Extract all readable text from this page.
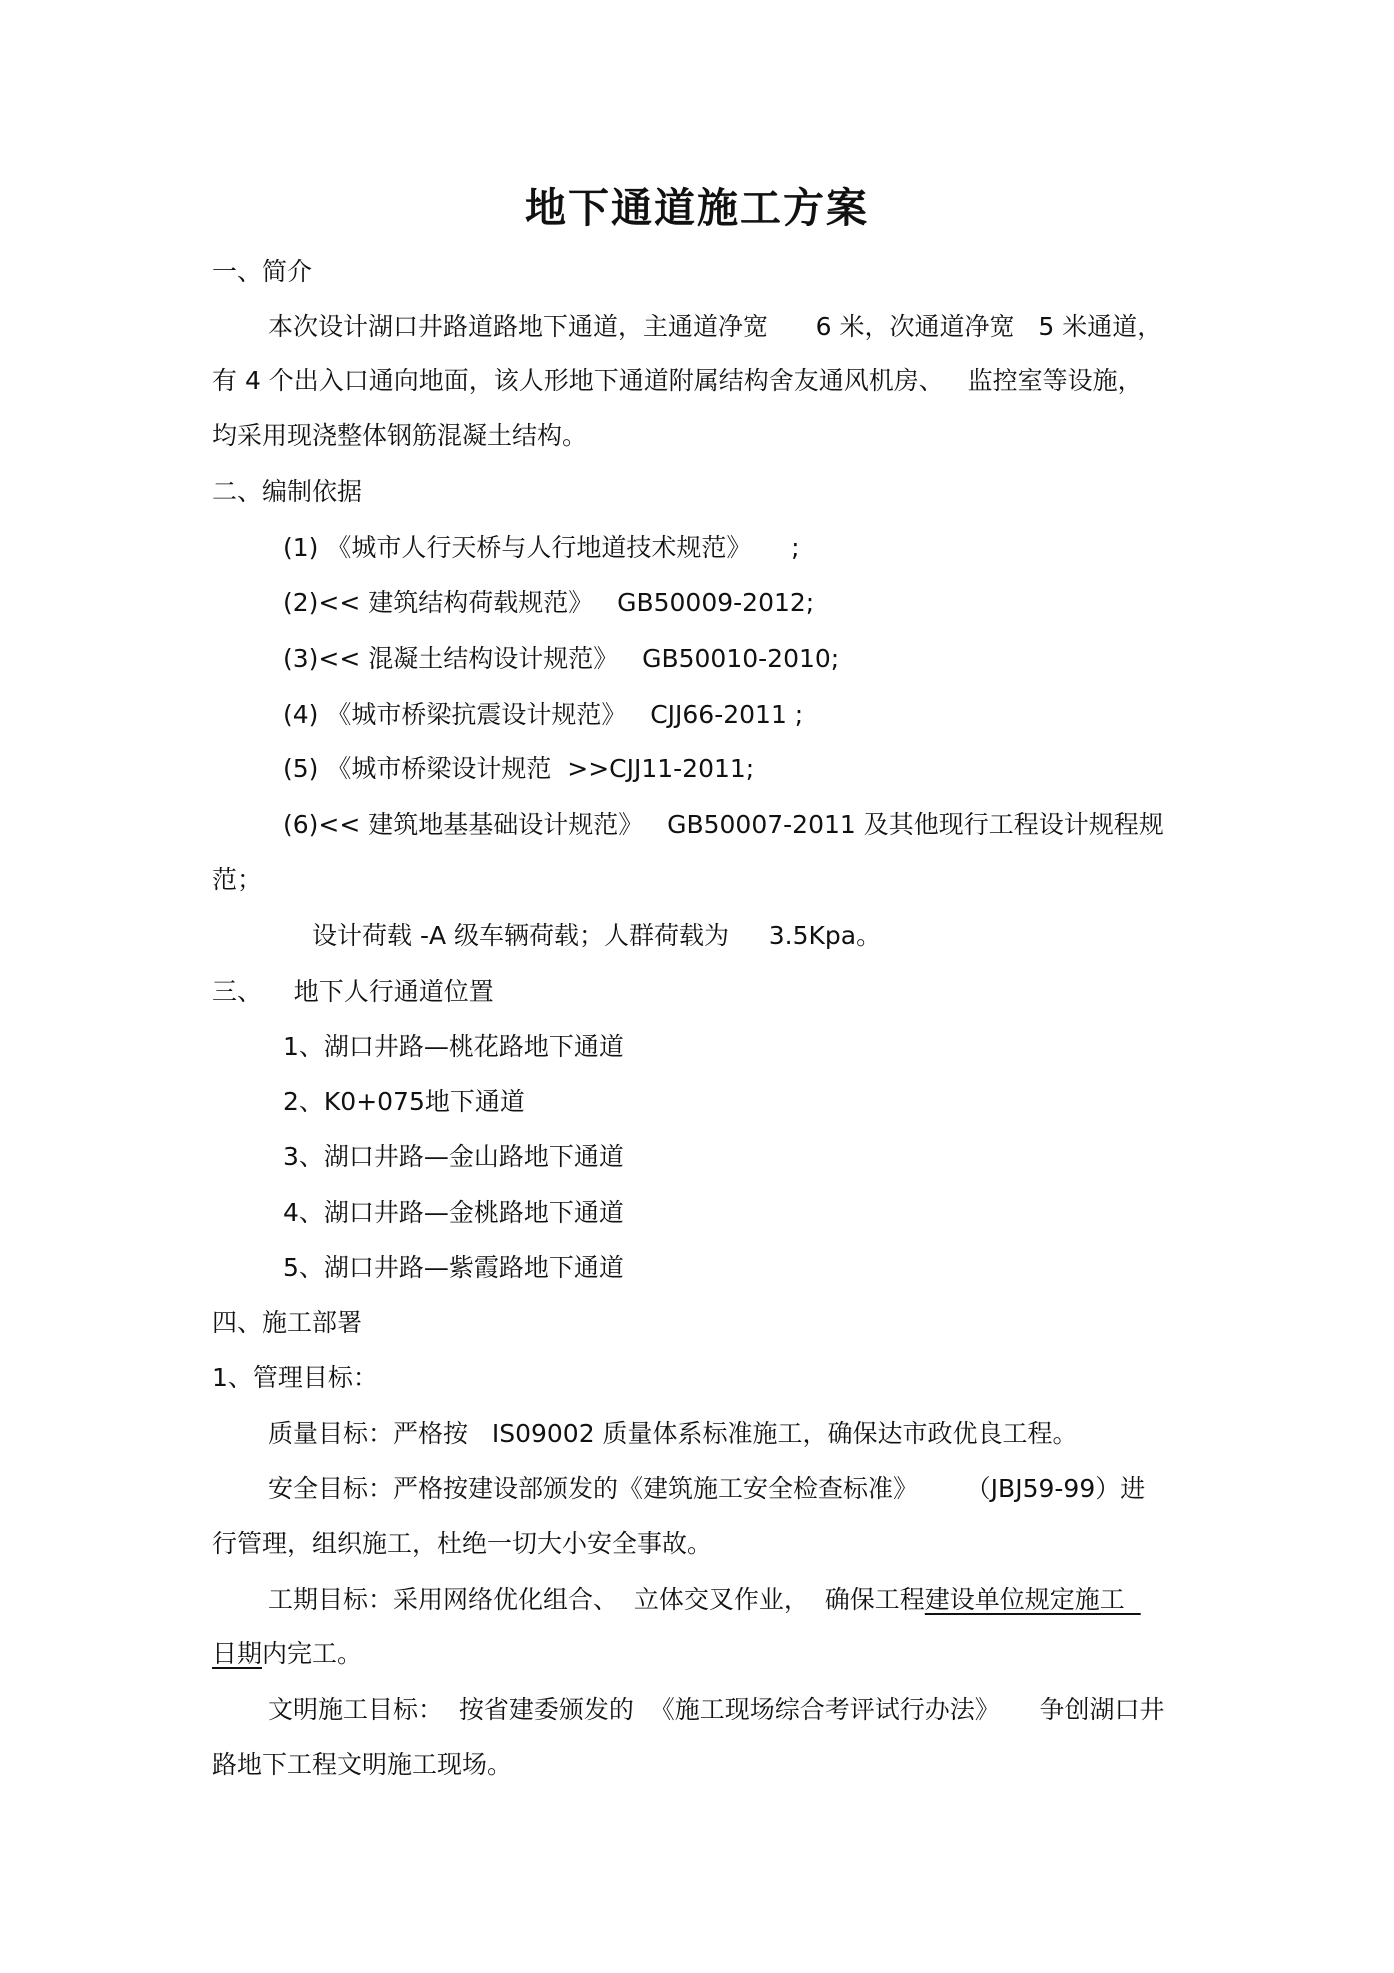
地下通道施工方案
一、简介
本次设计湖口井路道路地下通道，主通道净宽      6 米，次通道净宽   5 米通道，
有 4 个出入口通向地面，该人形地下通道附属结构舍友通风机房、   监控室等设施，
均采用现浇整体钢筋混凝土结构。
二、编制依据
(1) 《城市人行天桥与人行地道技术规范》     ;
(2)<< 建筑结构荷载规范》   GB50009-2012;
(3)<< 混凝土结构设计规范》   GB50010-2010;
(4) 《城市桥梁抗震设计规范》   CJJ66-2011 ;
(5) 《城市桥梁设计规范  >>CJJ11-2011;
(6)<< 建筑地基基础设计规范》   GB50007-2011 及其他现行工程设计规程规
范；
设计荷载 -A 级车辆荷载；人群荷载为     3.5Kpa。
三、    地下人行通道位置
1、湖口井路—桃花路地下通道
2、K0+075地下通道
3、湖口井路—金山路地下通道
4、湖口井路—金桃路地下通道
5、湖口井路—紫霞路地下通道
四、施工部署
1、管理目标：
质量目标：严格按   IS09002 质量体系标准施工，确保达市政优良工程。
安全目标：严格按建设部颁发的《建筑施工安全检查标准》      （JBJ59-99）进
行管理，组织施工，杜绝一切大小安全事故。
工期目标：采用网络优化组合、  立体交叉作业，  确保工程建设单位规定施工
日期内完工。
文明施工目标：  按省建委颁发的  《施工现场综合考评试行办法》     争创湖口井
路地下工程文明施工现场。
